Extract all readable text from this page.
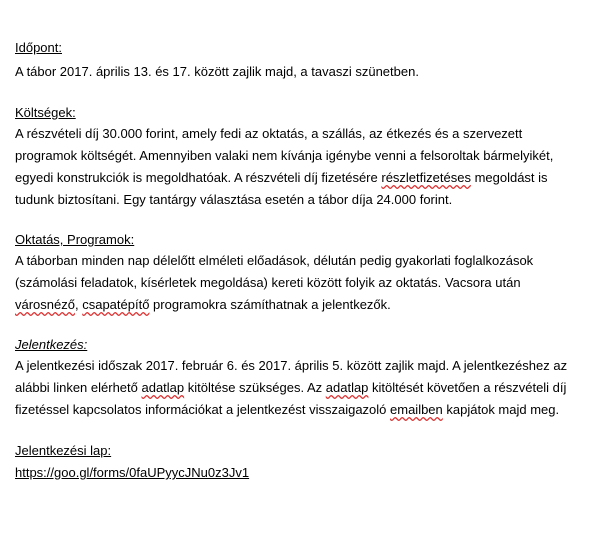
Időpont:
A tábor 2017. április 13. és 17. között zajlik majd, a tavaszi szünetben.
Költségek:
A részvételi díj 30.000 forint, amely fedi az oktatás, a szállás, az étkezés és a szervezett
programok költségét. Amennyiben valaki nem kívánja igénybe venni a felsoroltak bármelyikét,
egyedi konstrukciók is megoldhatóak. A részvételi díj fizetésére részletfizetéses megoldást is
tudunk biztosítani. Egy tantárgy választása esetén a tábor díja 24.000 forint.
Oktatás, Programok:
A táborban minden nap délelőtt elméleti előadások, délután pedig gyakorlati foglalkozások
(számolási feladatok, kísérletek megoldása) kereti között folyik az oktatás. Vacsora után
városnéző, csapatépítő programokra számíthatnak a jelentkezők.
Jelentkezés:
A jelentkezési időszak 2017. február 6. és 2017. április 5. között zajlik majd. A jelentkezéshez az
alábbi linken elérhető adatlap kitöltése szükséges. Az adatlap kitöltését követően a részvételi díj
fizetéssel kapcsolatos információkat a jelentkezést visszaigazoló emailben kapjátok majd meg.
Jelentkezési lap:
https://goo.gl/forms/0faUPyycJNu0z3Jv1
